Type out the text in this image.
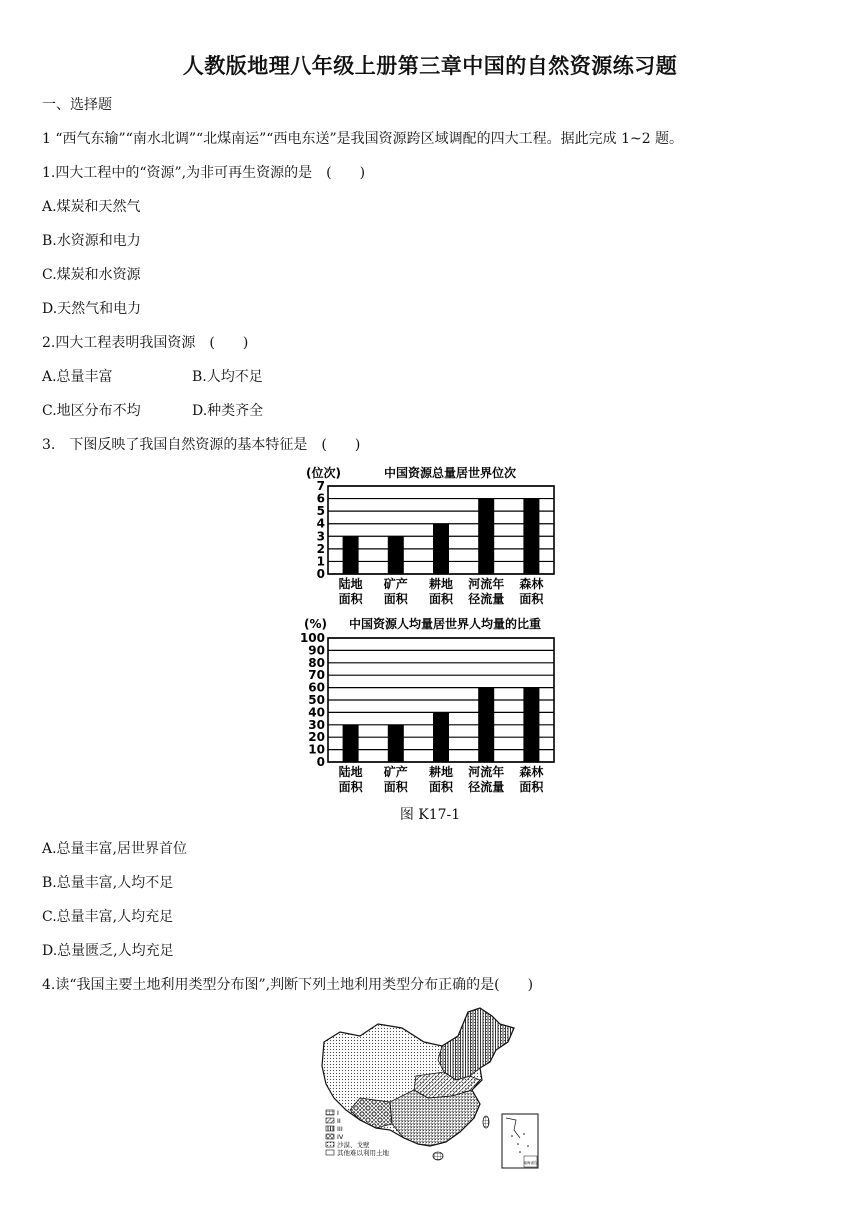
人教版地理八年级上册第三章中国的自然资源练习题
一、选择题
1 “西气东输”“南水北调”“北煤南运”“西电东送”是我国资源跨区域调配的四大工程。据此完成 1~2 题。
1.四大工程中的“资源”,为非可再生资源的是　(　　)
A.煤炭和天然气
B.水资源和电力
C.煤炭和水资源
D.天然气和电力
2.四大工程表明我国资源　(　　)
A.总量丰富	B.人均不足
C.地区分布不均	D.种类齐全
3.　下图反映了我国自然资源的基本特征是　(　　)
(位次)	中国资源总量居世界位次
0
1
2
3
4
5
6
7
陆地
面积
矿产
面积
耕地
面积
河流年
径流量
森林
面积
(%) 中国资源人均量居世界人均量的比重
0
10
20
30
40
50
60
70
80
90
100
陆地
面积
矿产
面积
耕地
面积
河流年
径流量
森林
面积
图 K17-1
A.总量丰富,居世界首位
B.总量丰富,人均不足
C.总量丰富,人均充足
D.总量匮乏,人均充足
4.读“我国主要土地利用类型分布图”,判断下列土地利用类型分布正确的是(　　)
I
II
III
IV
沙漠、戈壁
其他难以利用土地
南海诸岛
